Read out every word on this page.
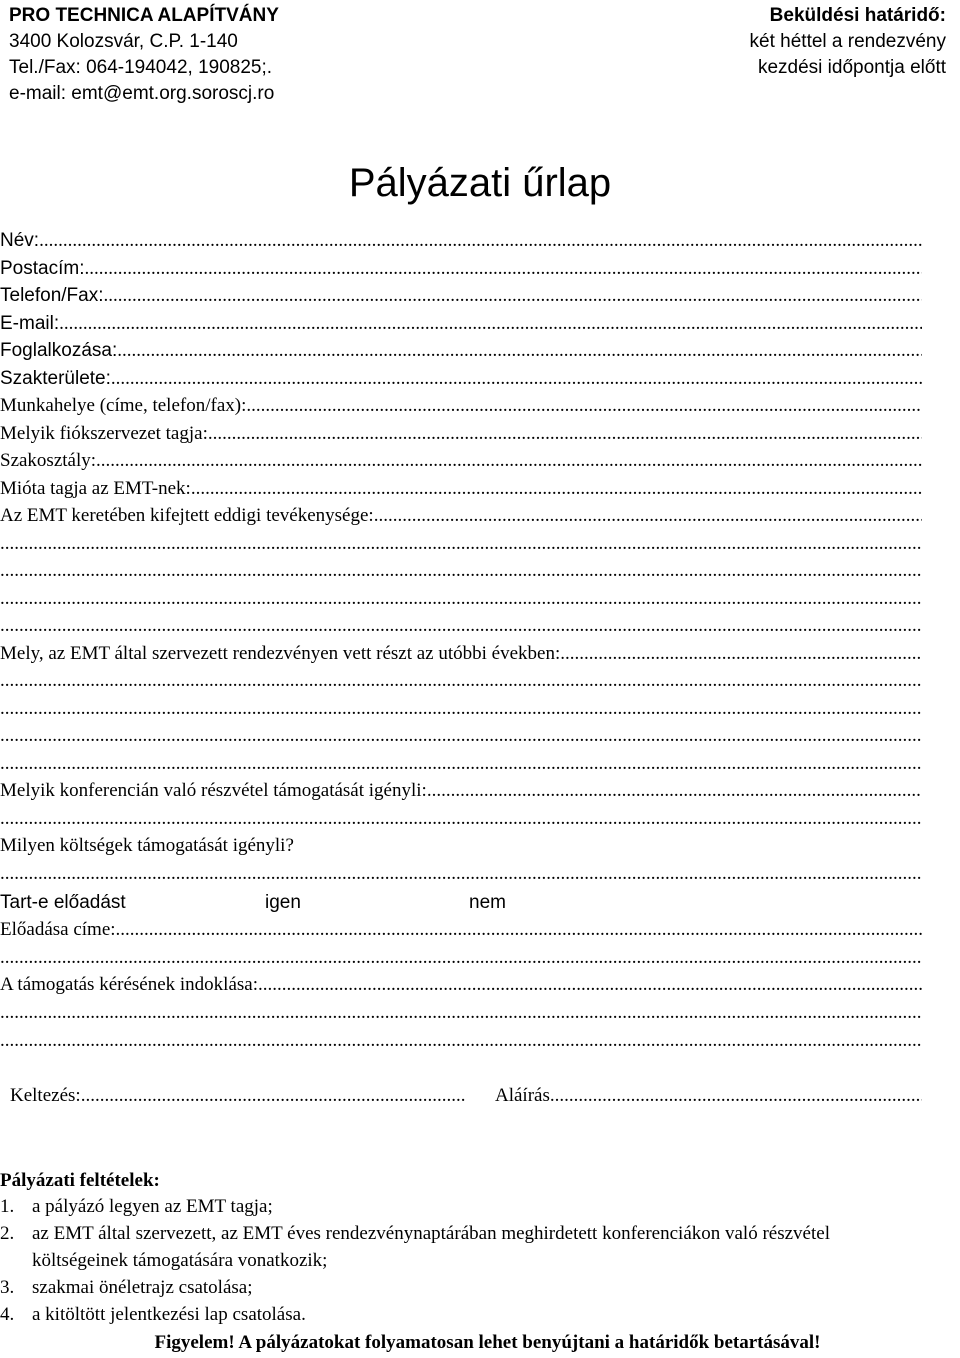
PRO TECHNICA ALAPÍTVÁNY
3400 Kolozsvár, C.P. 1-140
Tel./Fax: 064-194042, 190825;.
e-mail: emt@emt.org.soroscj.ro
Beküldési határidő:
két héttel a rendezvény
kezdési időpontja előtt
Pályázati űrlap
Név: .....
Postacím: .....
Telefon/Fax: .....
E-mail: .....
Foglalkozása: .....
Szakterülete: .....
Munkahelye (címe, telefon/fax): .....
Melyik fiókszervezet tagja: .....
Szakosztály: .....
Mióta tagja az EMT-nek: .....
Az EMT keretében kifejtett eddigi tevékenysége: .....
.....
.....
.....
.....
Mely, az EMT által szervezett rendezvényen vett részt az utóbbi években: .....
.....
.....
.....
.....
Melyik konferencián való részvétel támogatását igényli: .....
.....
Milyen költségek támogatását igényli?
.....
Tart-e előadást	igen	nem
Előadása címe: .....
.....
A támogatás kérésének indoklása: .....
.....
.....
Keltezés: .....	Aláírás .....
Pályázati feltételek:
1. a pályázó legyen az EMT tagja;
2. az EMT által szervezett, az EMT éves rendezvénynaptárában meghirdetett konferenciákon való részvétel
költségeinek támogatására vonatkozik;
3. szakmai önéletrajz csatolása;
4. a kitöltött jelentkezési lap csatolása.
Figyelem! A pályázatokat folyamatosan lehet benyújtani a határidők betartásával!
